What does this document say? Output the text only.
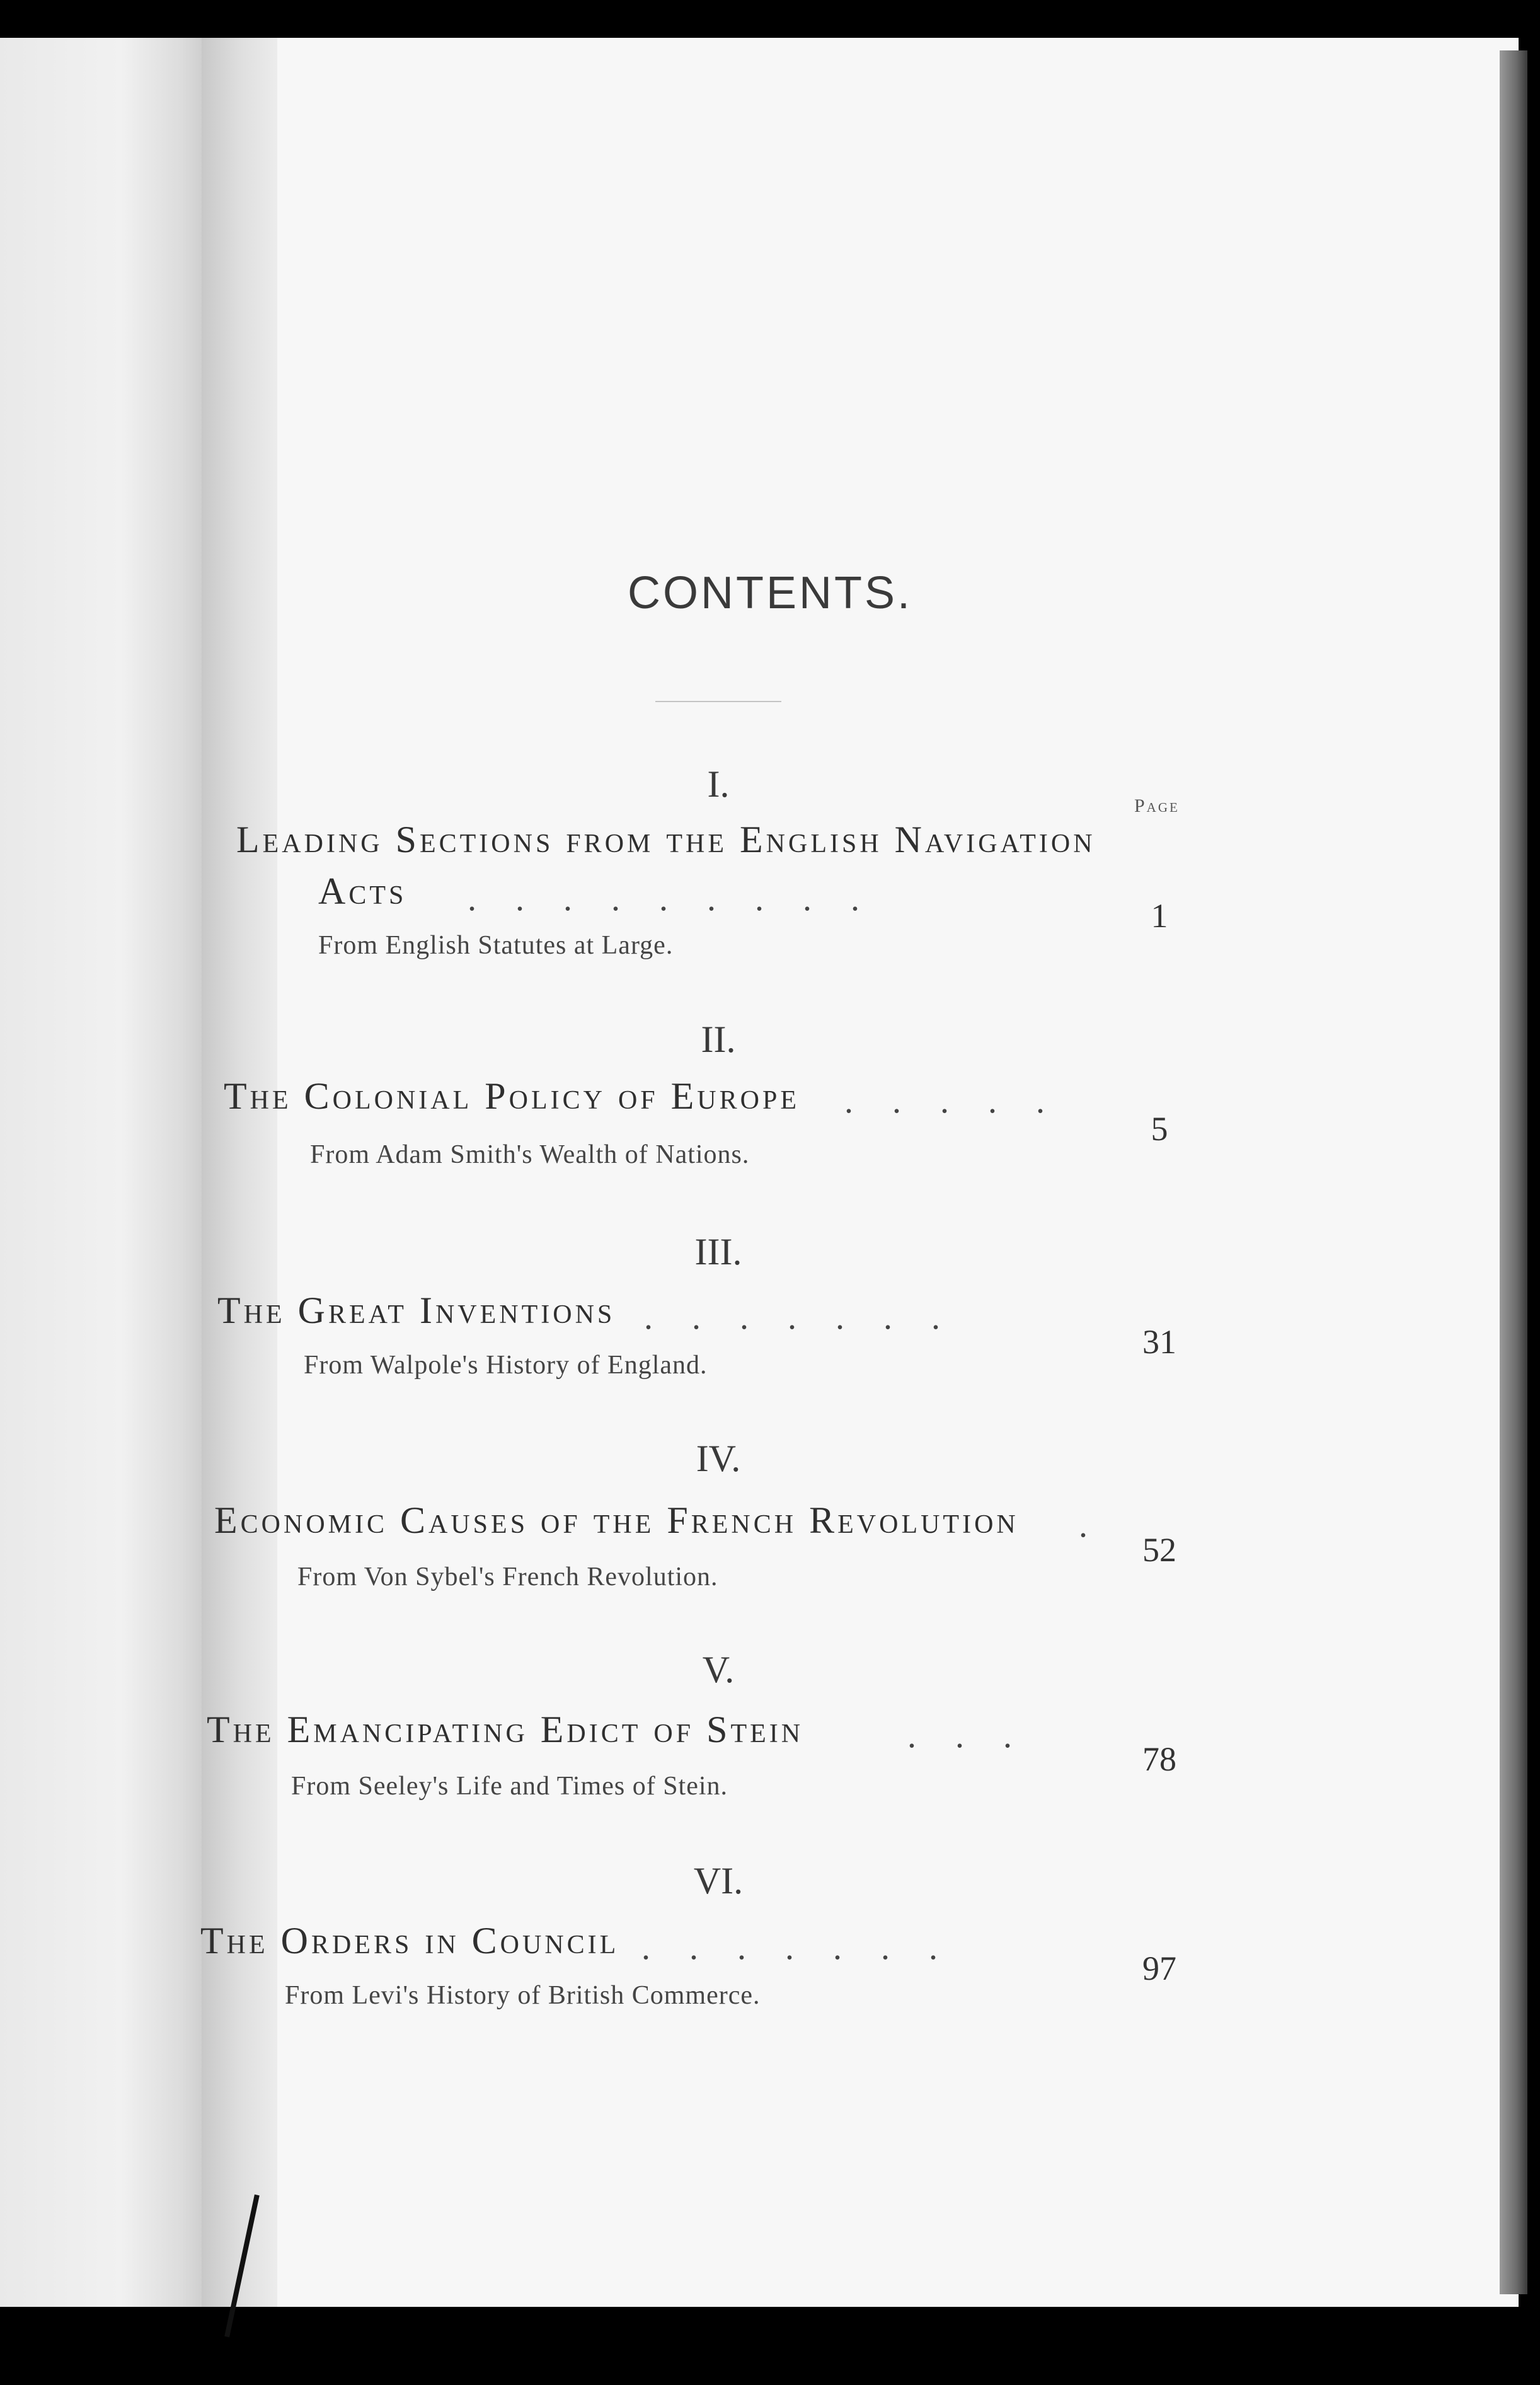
CONTENTS.
Page
I.
Leading Sections from the English Navigation
Acts .........	1
From English Statutes at Large.
II.
The Colonial Policy of Europe .....
5
From Adam Smith's Wealth of Nations.
III.
The Great Inventions .......
31
From Walpole's History of England.
IV.
Economic Causes of the French Revolution .
52
From Von Sybel's French Revolution.
V.
The Emancipating Edict of Stein	...
78
From Seeley's Life and Times of Stein.
VI.
The Orders in Council .......
97
From Levi's History of British Commerce.
